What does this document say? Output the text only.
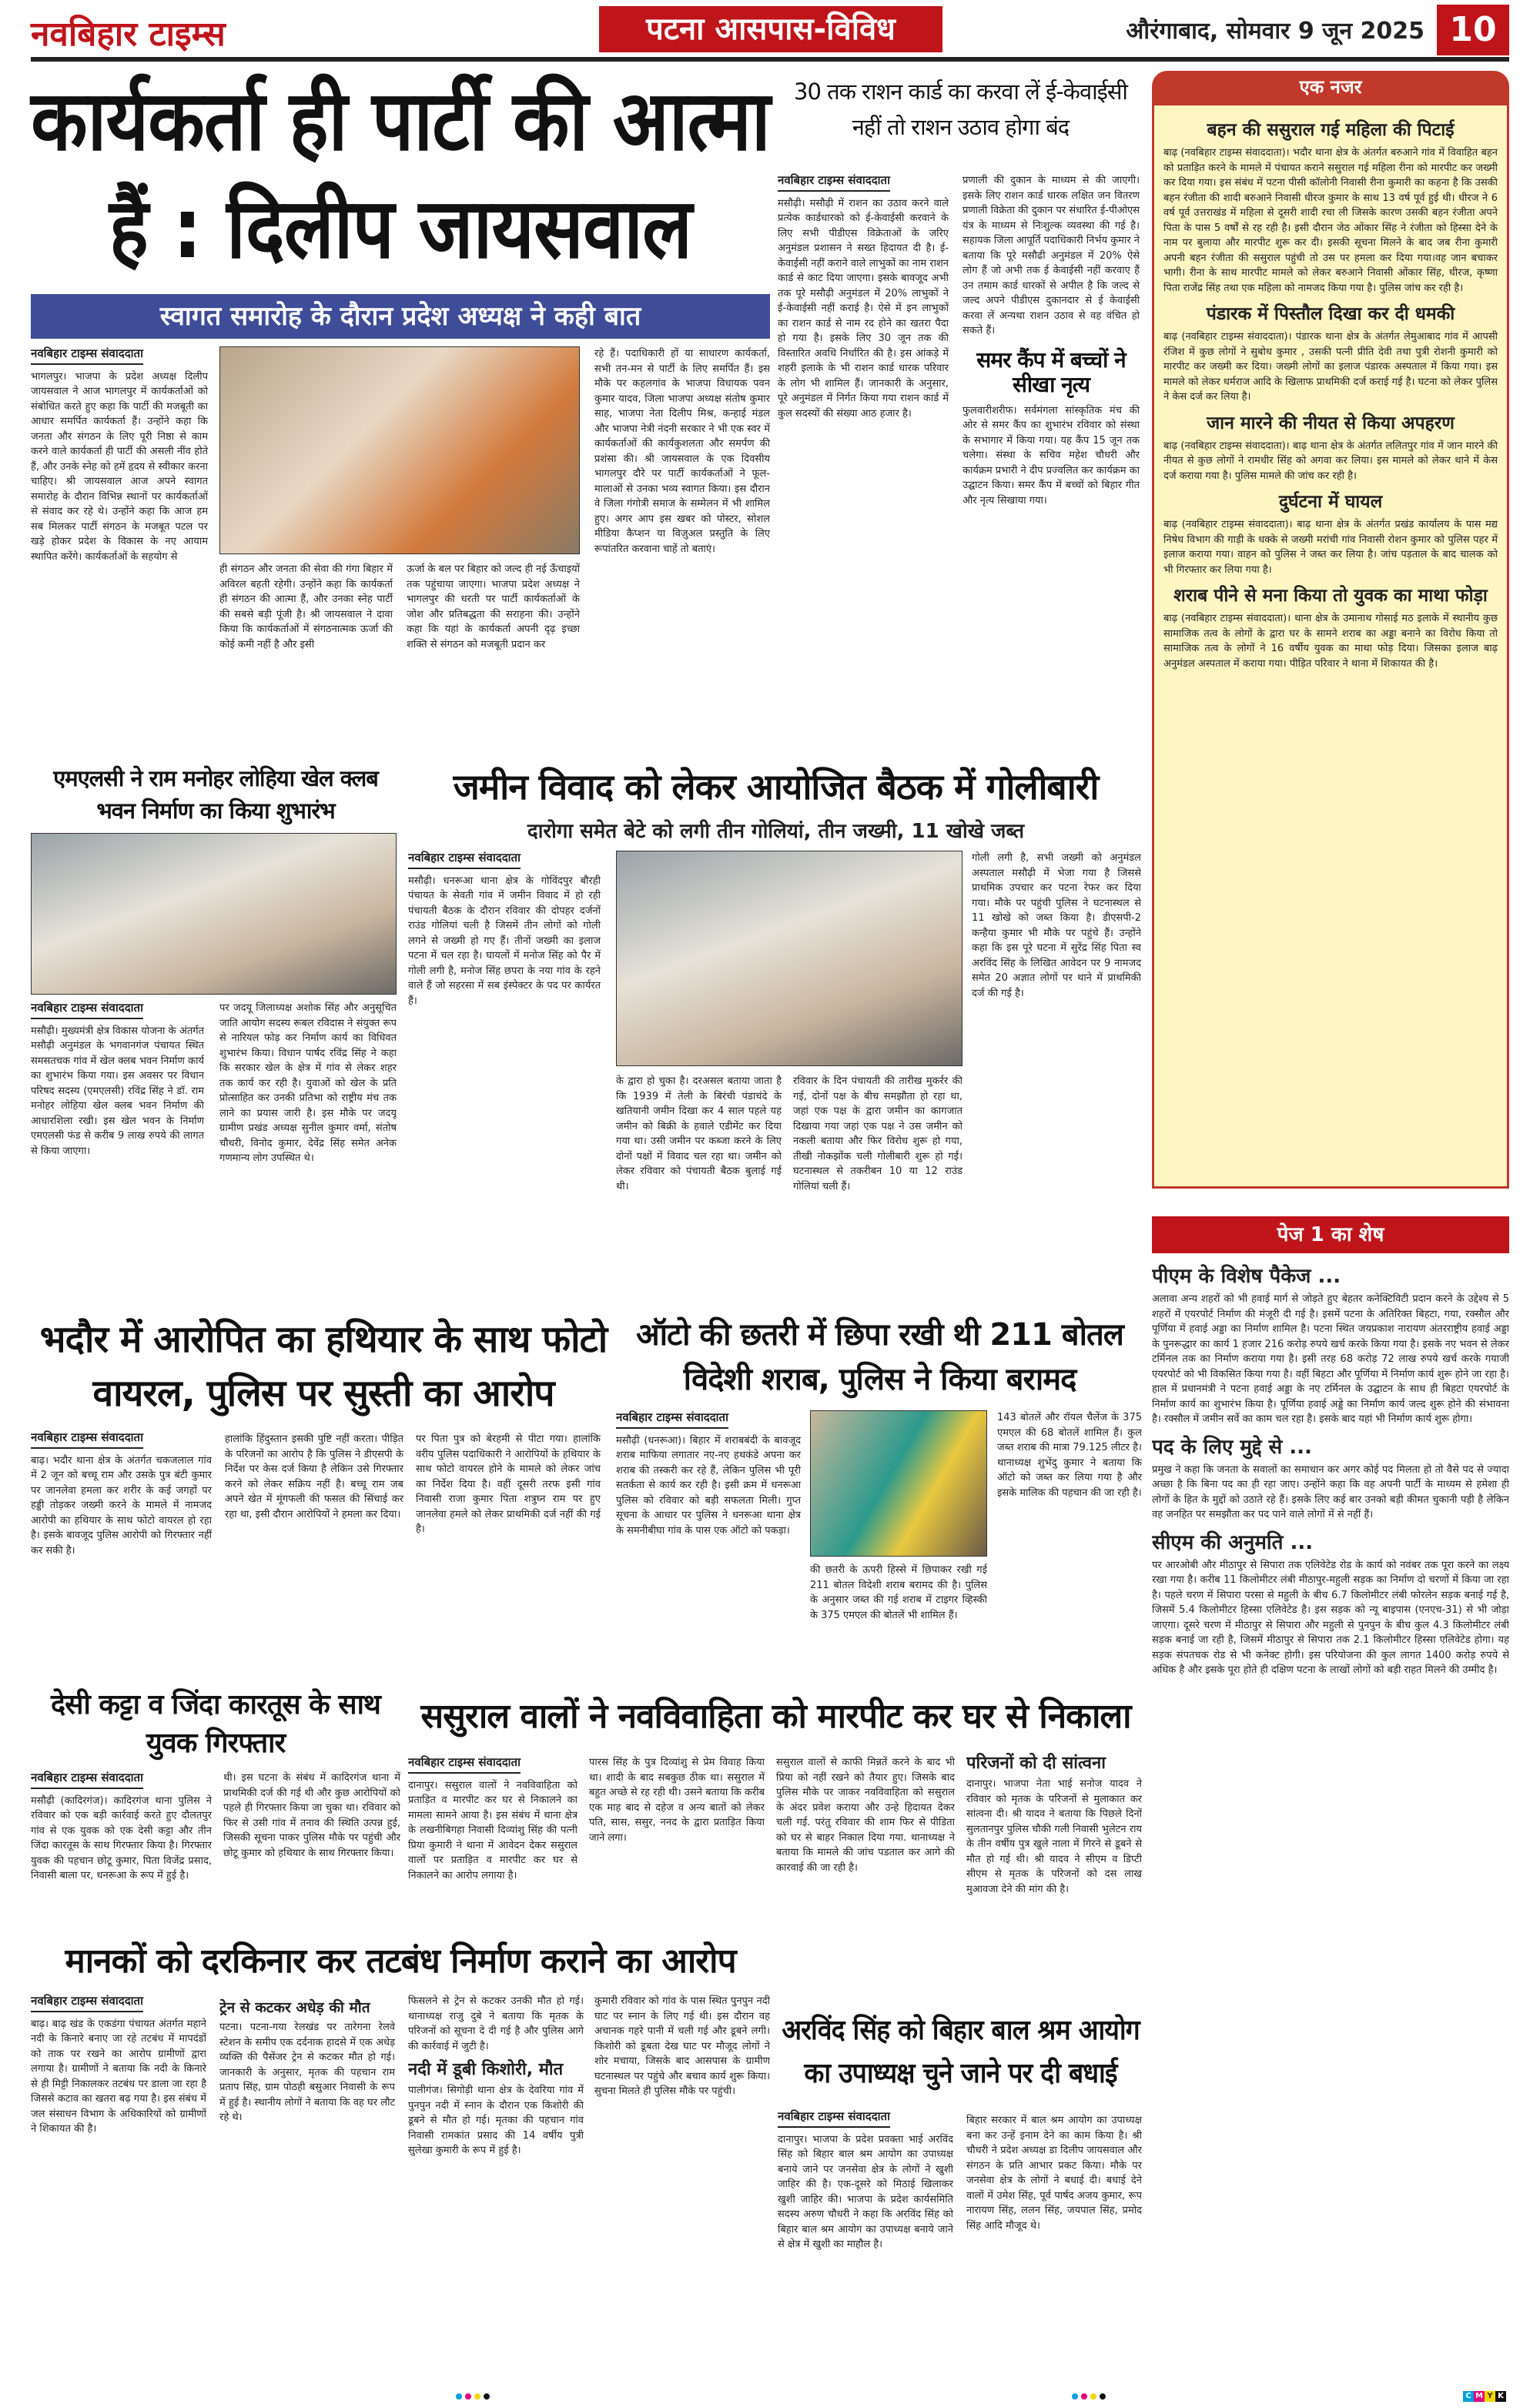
नवबिहार टाइम्स	पटना आसपास-विविध	औरंगाबाद, सोमवार 9 जून 2025 10
कार्यकर्ता ही पार्टी की आत्मा
हैं : दिलीप जायसवाल
स्वागत समारोह के दौरान प्रदेश अध्यक्ष ने कही बात
नवबिहार टाइम्स संवाददाता
भागलपुर। भाजपा के प्रदेश अध्यक्ष दिलीप जायसवाल ने आज भागलपुर में कार्यकर्ताओं को संबोधित करते हुए कहा कि पार्टी की मजबूती का आधार समर्पित कार्यकर्ता हैं। उन्होंने कहा कि जनता और संगठन के लिए पूरी निष्ठा से काम करने वाले कार्यकर्ता ही पार्टी की असली नींव होते हैं, और उनके स्नेह को हमें हृदय से स्वीकार करना चाहिए। श्री जायसवाल आज अपने स्वागत समारोह के दौरान विभिन्न स्थानों पर कार्यकर्ताओं से संवाद कर रहे थे। उन्होंने कहा कि आज हम सब मिलकर पार्टी संगठन के मजबूत पटल पर खड़े होकर प्रदेश के विकास के नए आयाम स्थापित करेंगे। कार्यकर्ताओं के सहयोग से
ही संगठन और जनता की सेवा की गंगा बिहार में अविरल बहती रहेगी। उन्होंने कहा कि कार्यकर्ता ही संगठन की आत्मा हैं, और उनका स्नेह पार्टी की सबसे बड़ी पूंजी है। श्री जायसवाल ने दावा किया कि कार्यकर्ताओं में संगठनात्मक ऊर्जा की कोई कमी नहीं है और इसी
ऊर्जा के बल पर बिहार को जल्द ही नई ऊँचाइयों तक पहुंचाया जाएगा। भाजपा प्रदेश अध्यक्ष ने भागलपुर की धरती पर पार्टी कार्यकर्ताओं के जोश और प्रतिबद्धता की सराहना की। उन्होंने कहा कि यहां के कार्यकर्ता अपनी दृढ़ इच्छा शक्ति से संगठन को मजबूती प्रदान कर
रहे हैं। पदाधिकारी हों या साधारण कार्यकर्ता, सभी तन-मन से पार्टी के लिए समर्पित हैं। इस मौके पर कहलगांव के भाजपा विधायक पवन कुमार यादव, जिला भाजपा अध्यक्ष संतोष कुमार साह, भाजपा नेता दिलीप मिश्र, कन्हाई मंडल और भाजपा नेत्री नंदनी सरकार ने भी एक स्वर में कार्यकर्ताओं की कार्यकुशलता और समर्पण की प्रशंसा की। श्री जायसवाल के एक दिवसीय भागलपुर दौरे पर पार्टी कार्यकर्ताओं ने फूल-मालाओं से उनका भव्य स्वागत किया। इस दौरान वे जिला गंगोत्री समाज के सम्मेलन में भी शामिल हुए। अगर आप इस खबर को पोस्टर, सोशल मीडिया कैप्शन या विज़ुअल प्रस्तुति के लिए रूपांतरित करवाना चाहें तो बताएं।
30 तक राशन कार्ड का करवा लें ई-केवाईसी
नहीं तो राशन उठाव होगा बंद
नवबिहार टाइम्स संवाददाता
मसौढ़ी। मसौढ़ी में राशन का उठाव करने वाले प्रत्येक कार्डधारको को ई-केवाईसी करवाने के लिए सभी पीडीएस विक्रेताओं के जरिए अनुमंडल प्रशासन ने सख्त हिदायत दी है। ई-केवाईसी नहीं कराने वाले लाभुकों का नाम राशन कार्ड से काट दिया जाएगा। इसके बावजूद अभी तक पूरे मसौढ़ी अनुमंडल में 20% लाभुकों ने ई-केवाईसी नहीं कराई है। ऐसे में इन लाभुकों का राशन कार्ड से नाम रद होने का खतरा पैदा हो गया है। इसके लिए 30 जून तक की विस्तारित अवधि निर्धारित की है। इस आंकड़े में शहरी इलाके के भी राशन कार्ड धारक परिवार के लोग भी शामिल हैं। जानकारी के अनुसार, पूरे अनुमंडल में निर्गत किया गया राशन कार्ड में कुल सदस्यों की संख्या आठ हजार है।
प्रणाली की दुकान के माध्यम से की जाएगी। इसके लिए राशन कार्ड धारक लक्षित जन वितरण प्रणाली विक्रेता की दुकान पर संधारित ई-पीओएस यंत्र के माध्यम से निःशुल्क व्यवस्था की गई है। सहायक जिला आपूर्ति पदाधिकारी निर्भय कुमार ने बताया कि पूरे मसौढी अनुमंडल में 20% ऐसे लोग हैं जो अभी तक ई केवाईसी नहीं करवाए हैं उन तमाम कार्ड धारकों से अपील है कि जल्द से जल्द अपने पीडीएस दुकानदार से ई केवाईसी करवा लें अन्यथा राशन उठाव से वह वंचित हो सकते हैं।
समर कैंप में बच्चों ने सीखा नृत्य
फुलवारीशरीफ। सर्वमंगला सांस्कृतिक मंच की ओर से समर कैंप का शुभारंभ रविवार को संस्था के सभागार में किया गया। यह कैंप 15 जून तक चलेगा। संस्था के सचिव महेश चौधरी और कार्यक्रम प्रभारी ने दीप प्रज्वलित कर कार्यक्रम का उद्घाटन किया। समर कैंप में बच्चों को बिहार गीत और नृत्य सिखाया गया।
एक नजर
बहन की ससुराल गई महिला की पिटाई

बाढ़ (नवबिहार टाइम्स संवाददाता)। भदौर थाना क्षेत्र के अंतर्गत बरुआने गांव में विवाहित बहन को प्रताड़ित करने के मामले में पंचायत कराने ससुराल गई महिला रीना को मारपीट कर जख्मी कर दिया गया। इस संबंध में पटना पीसी कॉलोनी निवासी रीना कुमारी का कहना है कि उसकी बहन रंजीता की शादी बरुआने निवासी धीरज कुमार के साथ 13 वर्ष पूर्व हुई थी। धीरज ने 6 वर्ष पूर्व उत्तराखंड में महिला से दूसरी शादी रचा ली जिसके कारण उसकी बहन रंजीता अपने पिता के पास 5 वर्षों से रह रही है। इसी दौरान जेठ ओंकार सिंह ने रंजीता को हिस्सा देने के नाम पर बुलाया और मारपीट शुरू कर दी। इसकी सूचना मिलने के बाद जब रीना कुमारी अपनी बहन रंजीता की ससुराल पहुंची तो उस पर हमला कर दिया गया।वह जान बचाकर भागी। रीना के साथ मारपीट मामले को लेकर बरुआने निवासी ओंकार सिंह, धीरज, कृष्णा पिता राजेंद्र सिंह तथा एक महिला को नामजद किया गया है। पुलिस जांच कर रही है।

पंडारक में पिस्तौल दिखा कर दी धमकी

बाढ़ (नवबिहार टाइम्स संवाददाता)। पंडारक थाना क्षेत्र के अंतर्गत लेमुआबाद गांव में आपसी रंजिश में कुछ लोगों ने सुबोध कुमार , उसकी पत्नी प्रीति देवी तथा पुत्री रोशनी कुमारी को मारपीट कर जख्मी कर दिया। जख्मी लोगों का इलाज पंडारक अस्पताल में किया गया। इस मामले को लेकर धर्मराज आदि के खिलाफ प्राथमिकी दर्ज कराई गई है। घटना को लेकर पुलिस ने केस दर्ज कर लिया है।

जान मारने की नीयत से किया अपहरण

बाढ़ (नवबिहार टाइम्स संवाददाता)। बाढ़ थाना क्षेत्र के अंतर्गत ललितपुर गांव में जान मारने की नीयत से कुछ लोगों ने रामधीर सिंह को अगवा कर लिया। इस मामले को लेकर थाने में केस दर्ज कराया गया है। पुलिस मामले की जांच कर रही है।

दुर्घटना में घायल

बाढ़ (नवबिहार टाइम्स संवाददाता)। बाढ़ थाना क्षेत्र के अंतर्गत प्रखंड कार्यालय के पास मद्य निषेध विभाग की गाड़ी के धक्के से जख्मी मरांची गांव निवासी रोशन कुमार को पुलिस पहर में इलाज कराया गया। वाहन को पुलिस ने जब्त कर लिया है। जांच पड़ताल के बाद चालक को भी गिरफ्तार कर लिया गया है।

शराब पीने से मना किया तो युवक का माथा फोड़ा

बाढ़ (नवबिहार टाइम्स संवाददाता)। थाना क्षेत्र के उमानाथ गोसाई मठ इलाके में स्थानीय कुछ सामाजिक तत्व के लोगों के द्वारा घर के सामने शराब का अड्डा बनाने का विरोध किया तो सामाजिक तत्व के लोगों ने 16 वर्षीय युवक का माथा फोड़ दिया। जिसका इलाज बाढ़ अनुमंडल अस्पताल में कराया गया। पीड़ित परिवार ने थाना में शिकायत की है।

एमएलसी ने राम मनोहर लोहिया खेल क्लब भवन निर्माण का किया शुभारंभ
नवबिहार टाइम्स संवाददाता
मसौढ़ी। मुख्यमंत्री क्षेत्र विकास योजना के अंतर्गत मसौढ़ी अनुमंडल के भगवानगंज पंचायत स्थित समसतचक गांव में खेल क्लब भवन निर्माण कार्य का शुभारंभ किया गया। इस अवसर पर विधान परिषद सदस्य (एमएलसी) रविंद्र सिंह ने डॉ. राम मनोहर लोहिया खेल क्लब भवन निर्माण की आधारशिला रखी। इस खेल भवन के निर्माण एमएलसी फंड से करीब 9 लाख रुपये की लागत से किया जाएगा।
पर जदयू जिलाध्यक्ष अशोक सिंह और अनुसूचित जाति आयोग सदस्य रूबल रविदास ने संयुक्त रूप से नारियल फोड़ कर निर्माण कार्य का विधिवत शुभारंभ किया। विधान पार्षद रविंद्र सिंह ने कहा कि सरकार खेल के क्षेत्र में गांव से लेकर शहर तक कार्य कर रही है। युवाओं को खेल के प्रति प्रोत्साहित कर उनकी प्रतिभा को राष्ट्रीय मंच तक लाने का प्रयास जारी है। इस मौके पर जदयू ग्रामीण प्रखंड अध्यक्ष सुनील कुमार वर्मा, संतोष चौधरी, विनोद कुमार, देवेंद्र सिंह समेत अनेक गणमान्य लोग उपस्थित थे।
जमीन विवाद को लेकर आयोजित बैठक में गोलीबारी
दारोगा समेत बेटे को लगी तीन गोलियां, तीन जख्मी, 11 खोखे जब्त
नवबिहार टाइम्स संवाददाता
मसौढ़ी। धनरूआ थाना क्षेत्र के गोविंदपुर बौरही पंचायत के सेवती गांव में जमीन विवाद में हो रही पंचायती बैठक के दौरान रविवार की दोपहर दर्जनों राउंड गोलियां चली है जिसमें तीन लोगों को गोली लगने से जख्मी हो गए हैं। तीनों जख्मी का इलाज पटना में चल रहा है। घायलों में मनोज सिंह को पैर में गोली लगी है, मनोज सिंह छपरा के नया गांव के रहने वाले हैं जो सहरसा में सब इंस्पेक्टर के पद पर कार्यरत हैं।
के द्वारा हो चुका है। दरअसल बताया जाता है कि 1939 में तेली के बिरंची पंडाचंदे के खतियानी जमीन दिखा कर 4 साल पहले यह जमीन को बिक्री के हवाले एडीमेंट कर दिया गया था। उसी जमीन पर कब्जा करने के लिए दोनों पक्षों में विवाद चल रहा था। जमीन को लेकर रविवार को पंचायती बैठक बुलाई गई थी।
रविवार के दिन पंचायती की तारीख मुकर्रर की गई, दोनों पक्ष के बीच समझौता हो रहा था, जहां एक पक्ष के द्वारा जमीन का कागजात दिखाया गया जहां एक पक्ष ने उस जमीन को नकली बताया और फिर विरोध शुरू हो गया, तीखी नोकझोंक चली गोलीबारी शुरू हो गई। घटनास्थल से तकरीबन 10 या 12 राउंड गोलियां चली हैं।
गोली लगी है, सभी जख्मी को अनुमंडल अस्पताल मसौढ़ी में भेजा गया है जिससे प्राथमिक उपचार कर पटना रेफर कर दिया गया। मौके पर पहुंची पुलिस ने घटनास्थल से 11 खोखे को जब्त किया है। डीएसपी-2 कन्हैया कुमार भी मौके पर पहुंचे हैं। उन्होंने कहा कि इस पूरे घटना में सुरेंद्र सिंह पिता स्व अरविंद सिंह के लिखित आवेदन पर 9 नामजद समेत 20 अज्ञात लोगों पर थाने में प्राथमिकी दर्ज की गई है।
भदौर में आरोपित का हथियार के साथ फोटो वायरल, पुलिस पर सुस्ती का आरोप
नवबिहार टाइम्स संवाददाता
बाढ़। भदौर थाना क्षेत्र के अंतर्गत चकजलाल गांव में 2 जून को बच्चू राम और उसके पुत्र बंटी कुमार पर जानलेवा हमला कर शरीर के कई जगहों पर हड्डी तोड़कर जख्मी करने के मामले में नामजद आरोपी का हथियार के साथ फोटो वायरल हो रहा है। इसके बावजूद पुलिस आरोपी को गिरफ्तार नहीं कर सकी है।
हालांकि हिंदुस्तान इसकी पुष्टि नहीं करता। पीड़ित के परिजनों का आरोप है कि पुलिस ने डीएसपी के निर्देश पर केस दर्ज किया है लेकिन उसे गिरफ्तार करने को लेकर सक्रिय नहीं है। बच्चू राम जब अपने खेत में मूंगफली की फसल की सिंचाई कर रहा था, इसी दौरान आरोपियों ने हमला कर दिया।
पर पिता पुत्र को बेरहमी से पीटा गया। हालांकि वरीय पुलिस पदाधिकारी ने आरोपियों के हथियार के साथ फोटो वायरल होने के मामले को लेकर जांच का निर्देश दिया है। वहीं दूसरी तरफ इसी गांव निवासी राजा कुमार पिता शत्रुघ्न राम पर हुए जानलेवा हमले को लेकर प्राथमिकी दर्ज नहीं की गई है।
ऑटो की छतरी में छिपा रखी थी 211 बोतल विदेशी शराब, पुलिस ने किया बरामद
नवबिहार टाइम्स संवाददाता
मसौढ़ी (धनरूआ)। बिहार में शराबबंदी के बावजूद शराब माफिया लगातार नए-नए हथकंडे अपना कर शराब की तस्करी कर रहे हैं, लेकिन पुलिस भी पूरी सतर्कता से कार्य कर रही है। इसी क्रम में धनरूआ पुलिस को रविवार को बड़ी सफलता मिली। गुप्त सूचना के आधार पर पुलिस ने धनरूआ थाना क्षेत्र के समनीबीघा गांव के पास एक ऑटो को पकड़ा।
की छतरी के ऊपरी हिस्से में छिपाकर रखी गई 211 बोतल विदेशी शराब बरामद की है। पुलिस के अनुसार जब्त की गई शराब में टाइगर व्हिस्की के 375 एमएल की बोतलें भी शामिल हैं।
143 बोतलें और रॉयल चैलेंज के 375 एमएल की 68 बोतलें शामिल हैं। कुल जब्त शराब की मात्रा 79.125 लीटर है। थानाध्यक्ष शुभेंदु कुमार ने बताया कि ऑटो को जब्त कर लिया गया है और इसके मालिक की पहचान की जा रही है।
देसी कट्टा व जिंदा कारतूस के साथ युवक गिरफ्तार
नवबिहार टाइम्स संवाददाता
मसौढ़ी (कादिरगंज)। कादिरगंज थाना पुलिस ने रविवार को एक बड़ी कार्रवाई करते हुए दौलतपुर गांव से एक युवक को एक देसी कट्टा और तीन जिंदा कारतूस के साथ गिरफ्तार किया है। गिरफ्तार युवक की पहचान छोटू कुमार, पिता विजेंद्र प्रसाद, निवासी बाला पर, धनरूआ के रूप में हुई है।
थी। इस घटना के संबंध में कादिरगंज थाना में प्राथमिकी दर्ज की गई थी और कुछ आरोपियों को पहले ही गिरफ्तार किया जा चुका था। रविवार को फिर से उसी गांव में तनाव की स्थिति उत्पन्न हुई, जिसकी सूचना पाकर पुलिस मौके पर पहुंची और छोटू कुमार को हथियार के साथ गिरफ्तार किया।
ससुराल वालों ने नवविवाहिता को मारपीट कर घर से निकाला
नवबिहार टाइम्स संवाददाता
दानापुर। ससुराल वालों ने नवविवाहिता को प्रताड़ित व मारपीट कर घर से निकालने का मामला सामने आया है। इस संबंध में थाना क्षेत्र के लखनीबिगहा निवासी दिव्यांशु सिंह की पत्नी प्रिया कुमारी ने थाना में आवेदन देकर ससुराल वालों पर प्रताड़ित व मारपीट कर घर से निकालने का आरोप लगाया है।
पारस सिंह के पुत्र दिव्यांशु से प्रेम विवाह किया था। शादी के बाद सबकुछ ठीक था। ससुराल में बहुत अच्छे से रह रही थी। उसने बताया कि करीब एक माह बाद से दहेज व अन्य बातों को लेकर पति, सास, ससुर, ननद के द्वारा प्रताड़ित किया जाने लगा।
ससुराल वालों से काफी मिन्नतें करने के बाद भी प्रिया को नहीं रखने को तैयार हुए। जिसके बाद पुलिस मौके पर जाकर नवविवाहिता को ससुराल के अंदर प्रवेश कराया और उन्हे हिदायत देकर चली गई. परंतु रविवार की शाम फिर से पीडिता को घर से बाहर निकाल दिया गया. थानाध्यक्ष ने बताया कि मामले की जांच पडताल कर आगे की कारवाई की जा रही है।
परिजनों को दी सांत्वना
दानापुर। भाजपा नेता भाई सनोज यादव ने रविवार को मृतक के परिजनों से मुलाकात कर सांत्वना दी। श्री यादव ने बताया कि पिछले दिनों सुलतानपुर पुलिस चौकी गली निवासी भुलेटन राय के तीन वर्षीय पुत्र खुले नाला में गिरने से डूबने से मौत हो गई थी। श्री यादव ने सीएम व डिप्टी सीएम से मृतक के परिजनों को दस लाख मुआवजा देने की मांग की है।
मानकों को दरकिनार कर तटबंध निर्माण कराने का आरोप
नवबिहार टाइम्स संवाददाता
बाढ़। बाढ़ खंड के एकडंगा पंचायत अंतर्गत महाने नदी के किनारे बनाए जा रहे तटबंध में मापदंडों को ताक पर रखने का आरोप ग्रामीणों द्वारा लगाया है। ग्रामीणों ने बताया कि नदी के किनारे से ही मिट्टी निकालकर तटबंध पर डाला जा रहा है जिससे कटाव का खतरा बढ़ गया है। इस संबंध में जल संसाधन विभाग के अधिकारियों को ग्रामीणों ने शिकायत की है।
ट्रेन से कटकर अधेड़ की मौत
पटना। पटना-गया रेलखंड पर तारेगना रेलवे स्टेशन के समीप एक दर्दनाक हादसे में एक अधेड़ व्यक्ति की पैसेंजर ट्रेन से कटकर मौत हो गई। जानकारी के अनुसार, मृतक की पहचान राम प्रताप सिंह, ग्राम पोठही बसुआर निवासी के रूप में हुई है। स्थानीय लोगों ने बताया कि वह घर लौट रहे थे।
फिसलने से ट्रेन से कटकर उनकी मौत हो गई। थानाध्यक्ष राजु दुबे ने बताया कि मृतक के परिजनों को सूचना दे दी गई है और पुलिस आगे की कार्रवाई में जुटी है।
नदी में डूबी किशोरी, मौत
पालीगंज। सिगोड़ी थाना क्षेत्र के देवरिया गांव में पुनपुन नदी में स्नान के दौरान एक किशोरी की डूबने से मौत हो गई। मृतका की पहचान गांव निवासी रामकांत प्रसाद की 14 वर्षीय पुत्री सुलेखा कुमारी के रूप में हुई है।
कुमारी रविवार को गांव के पास स्थित पुनपुन नदी घाट पर स्नान के लिए गई थी। इस दौरान वह अचानक गहरे पानी में चली गई और डूबने लगी। किशोरी को डूबता देख घाट पर मौजूद लोगों ने शोर मचाया, जिसके बाद आसपास के ग्रामीण घटनास्थल पर पहुंचे और बचाव कार्य शुरू किया। सुचना मिलते ही पुलिस मौके पर पहुंची।
अरविंद सिंह को बिहार बाल श्रम आयोग का उपाध्यक्ष चुने जाने पर दी बधाई
नवबिहार टाइम्स संवाददाता
दानापुर। भाजपा के प्रदेश प्रवक्ता भाई अरविंद सिंह को बिहार बाल श्रम आयोग का उपाध्यक्ष बनाये जाने पर जनसेवा क्षेत्र के लोगों ने खुशी जाहिर की है। एक-दूसरे को मिठाई खिलाकर खुशी जाहिर की। भाजपा के प्रदेश कार्यसमिति सदस्य अरुण चौधरी ने कहा कि अरविंद सिंह को बिहार बाल श्रम आयोग का उपाध्यक्ष बनाये जाने से क्षेत्र में खुशी का माहौल है।
बिहार सरकार में बाल श्रम आयोग का उपाध्यक्ष बना कर उन्हें इनाम देने का काम किया है। श्री चौधरी ने प्रदेश अध्यक्ष डा दिलीप जायसवाल और संगठन के प्रति आभार प्रकट किया। मौके पर जनसेवा क्षेत्र के लोगों ने बधाई दी। बधाई देने वालों में उमेश सिंह, पूर्व पार्षद अजय कुमार, रूप नारायण सिंह, ललन सिंह, जयपाल सिंह, प्रमोद सिंह आदि मौजूद थे।
पेज 1 का शेष
पीएम के विशेष पैकेज ...

अलावा अन्य शहरों को भी हवाई मार्ग से जोड़ते हुए बेहतर कनेक्टिविटी प्रदान करने के उद्देश्य से 5 शहरों में एयरपोर्ट निर्माण की मंजूरी दी गई है। इसमें पटना के अतिरिक्त बिहटा, गया, रक्सौल और पूर्णिया में हवाई अड्डा का निर्माण शामिल है। पटना स्थित जयप्रकाश नारायण अंतरराष्ट्रीय हवाई अड्डा के पुनरूद्धार का कार्य 1 हजार 216 करोड़ रुपये खर्च करके किया गया है। इसके नए भवन से लेकर टर्मिनल तक का निर्माण कराया गया है। इसी तरह 68 करोड़ 72 लाख रुपये खर्च करके गयाजी एयरपोर्ट को भी विकसित किया गया है। वहीं बिहटा और पूर्णिया में निर्माण कार्य शुरू होने जा रहा है। हाल में प्रधानमंत्री ने पटना हवाई अड्डा के नए टर्मिनल के उद्घाटन के साथ ही बिहटा एयरपोर्ट के निर्माण कार्य का शुभारंभ किया है। पूर्णिया हवाई अड्डे का निर्माण कार्य जल्द शुरू होने की संभावना है। रक्सौल में जमीन सर्वे का काम चल रहा है। इसके बाद यहां भी निर्माण कार्य शुरू होगा।

पद के लिए मुद्दे से ...

प्रमुख ने कहा कि जनता के सवालों का समाधान कर अगर कोई पद मिलता हो तो वैसे पद से ज्यादा अच्छा है कि बिना पद का ही रहा जाए। उन्होंने कहा कि वह अपनी पार्टी के माध्यम से हमेशा ही लोगों के हित के मुद्दों को उठाते रहे हैं। इसके लिए कई बार उनको बड़ी कीमत चुकानी पड़ी है लेकिन वह जनहित पर समझौता कर पद पाने वाले लोगों में से नहीं हैं।

सीएम की अनुमति ...

पर आरओबी और मीठापुर से सिपारा तक एलिवेटेड रोड के कार्य को नवंबर तक पूरा करने का लक्ष्य रखा गया है। करीब 11 किलोमीटर लंबी मीठापुर-महुली सड़क का निर्माण दो चरणों में किया जा रहा है। पहले चरण में सिपारा परसा से महुली के बीच 6.7 किलोमीटर लंबी फोरलेन सड़क बनाई गई है, जिसमें 5.4 किलोमीटर हिस्सा एलिवेटेड है। इस सड़क को न्यू बाइपास (एनएच-31) से भी जोड़ा जाएगा। दूसरे चरण में मीठापुर से सिपारा और महुली से पुनपुन के बीच कुल 4.3 किलोमीटर लंबी सड़क बनाई जा रही है, जिसमें मीठापुर से सिपारा तक 2.1 किलोमीटर हिस्सा एलिवेटेड होगा। यह सड़क संपतचक रोड से भी कनेक्ट होगी। इस परियोजना की कुल लागत 1400 करोड़ रुपये से अधिक है और इसके पूरा होते ही दक्षिण पटना के लाखों लोगों को बड़ी राहत मिलने की उम्मीद है।

C M Y K
